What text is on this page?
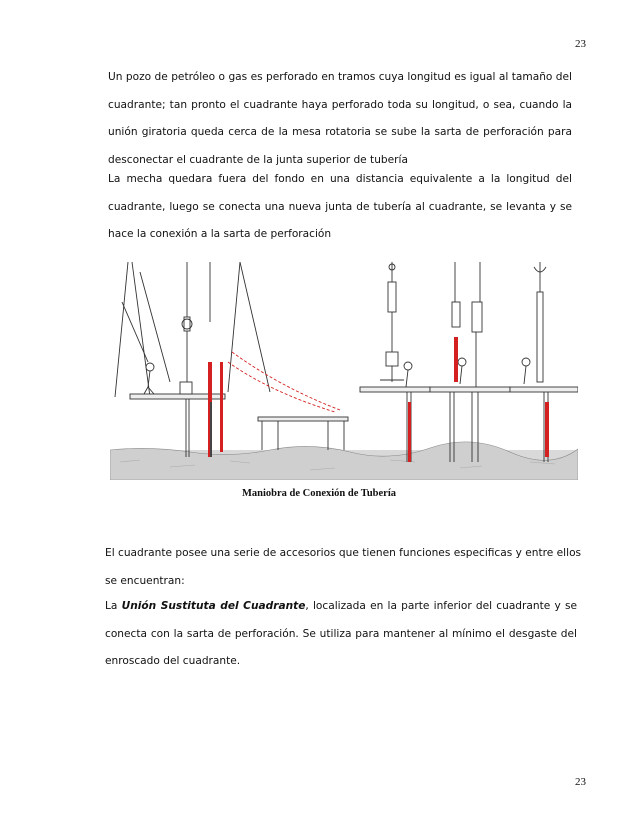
23
Un pozo de petróleo o gas es perforado en tramos cuya longitud es igual al tamaño del
cuadrante; tan pronto el cuadrante haya perforado toda su longitud, o sea, cuando la
unión giratoria queda cerca de la mesa rotatoria se sube la sarta de perforación para
desconectar el cuadrante de la junta superior de tubería
La mecha quedara fuera del fondo en una distancia equivalente a la longitud del
cuadrante, luego se conecta una nueva junta de tubería al cuadrante, se levanta y se
hace la conexión a la sarta de perforación
Maniobra de Conexión de Tubería
El cuadrante posee una serie de accesorios que tienen funciones especificas y entre ellos
se encuentran:
La Unión Sustituta del Cuadrante, localizada en la parte inferior del cuadrante y se
conecta con la sarta de perforación. Se utiliza para mantener al mínimo el desgaste del
enroscado del cuadrante.
23
